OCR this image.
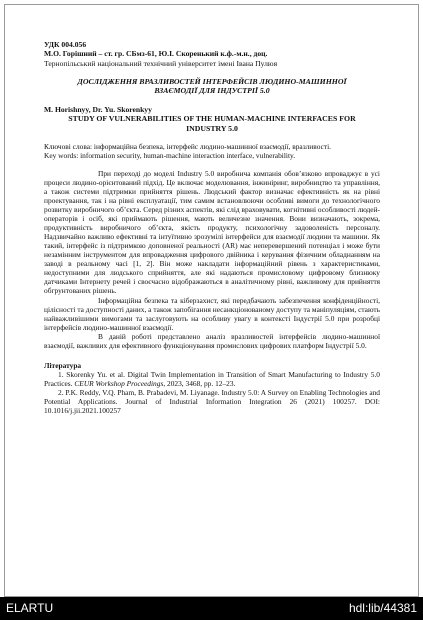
УДК 004.056
М.О. Горішний – ст. гр. СБмз-61, Ю.І. Скоренький к.ф.-м.н., доц.
Тернопільський національний технічний університет імені Івана Пулюя
ДОСЛІДЖЕННЯ ВРАЗЛИВОСТЕЙ ІНТЕРФЕЙСІВ ЛЮДИНО-МАШИННОЇ ВЗАЄМОДІЇ ДЛЯ ІНДУСТРІЇ 5.0
M. Horishnyy, Dr. Yu. Skorenkyy
STUDY OF VULNERABILITIES OF THE HUMAN-MACHINE INTERFACES FOR INDUSTRY 5.0
Ключові слова: інформаційна безпека, інтерфейс людино-машинної взаємодії, вразливості.
Key words: information security, human-machine interaction interface, vulnerability.
При переході до моделі Industry 5.0 виробнича компанія обов’язково впроваджує в усі процеси людино-орієнтований підхід. Це включає моделювання, інжиніринг, виробництво та управління, а також системи підтримки прийняття рішень. Людський фактор визначає ефективність як на рівні проектування, так і на рівні експлуатації, тим самим встановлюючи особливі вимоги до технологічного розвитку виробничого об’єкта. Серед різних аспектів, які слід враховувати, когнітивні особливості людей-операторів і осіб, які приймають рішення, мають величезне значення. Вони визначають, зокрема, продуктивність виробничого об’єкта, якість продукту, психологічну задоволеність персоналу. Надзвичайно важливо ефективні та інтуїтивно зрозумілі інтерфейси для взаємодії людини та машини. Як такий, інтерфейс із підтримкою доповненої реальності (AR) має неперевершений потенціал і може бути незамінним інструментом для впровадження цифрового двійника і керування фізичним обладнанням на заводі в реальному часі [1, 2]. Він може накладати інформаційний рівень з характеристиками, недоступними для людського сприйняття, але які надаються промисловому цифровому близнюку датчиками Інтернету речей і своєчасно відображаються в аналітичному рівні, важливому для прийняття обгрунтованих рішень.
Інформаційна безпека та кіберзахист, які передбачають забезпечення конфіденційності, цілісності та доступності даних, а також запобігання несанкціонованому доступу та маніпуляціям, стають найважливішими вимогами та заслуговують на особливу увагу в контексті Індустрії 5.0 при розробці інтерфейсів людино-машинної взаємодії.
В даній роботі представлено аналіз вразливостей інтерфейсів людино-машинної взаємодії, важливих для ефективного функціонування промислових цифрових платформ Індустрії 5.0.
Література
1. Skorenky Yu. et al. Digital Twin Implementation in Transition of Smart Manufacturing to Industry 5.0 Practices. CEUR Workshop Proceedings, 2023, 3468, pp. 12–23.
2. P.K. Reddy, V.Q. Pham, B. Prabadevi, M. Liyanage. Industry 5.0: A Survey on Enabling Technologies and Potential Applications. Journal of Industrial Information Integration 26 (2021) 100257. DOI: 10.1016/j.jii.2021.100257
ELARTU	hdl:lib/44381
